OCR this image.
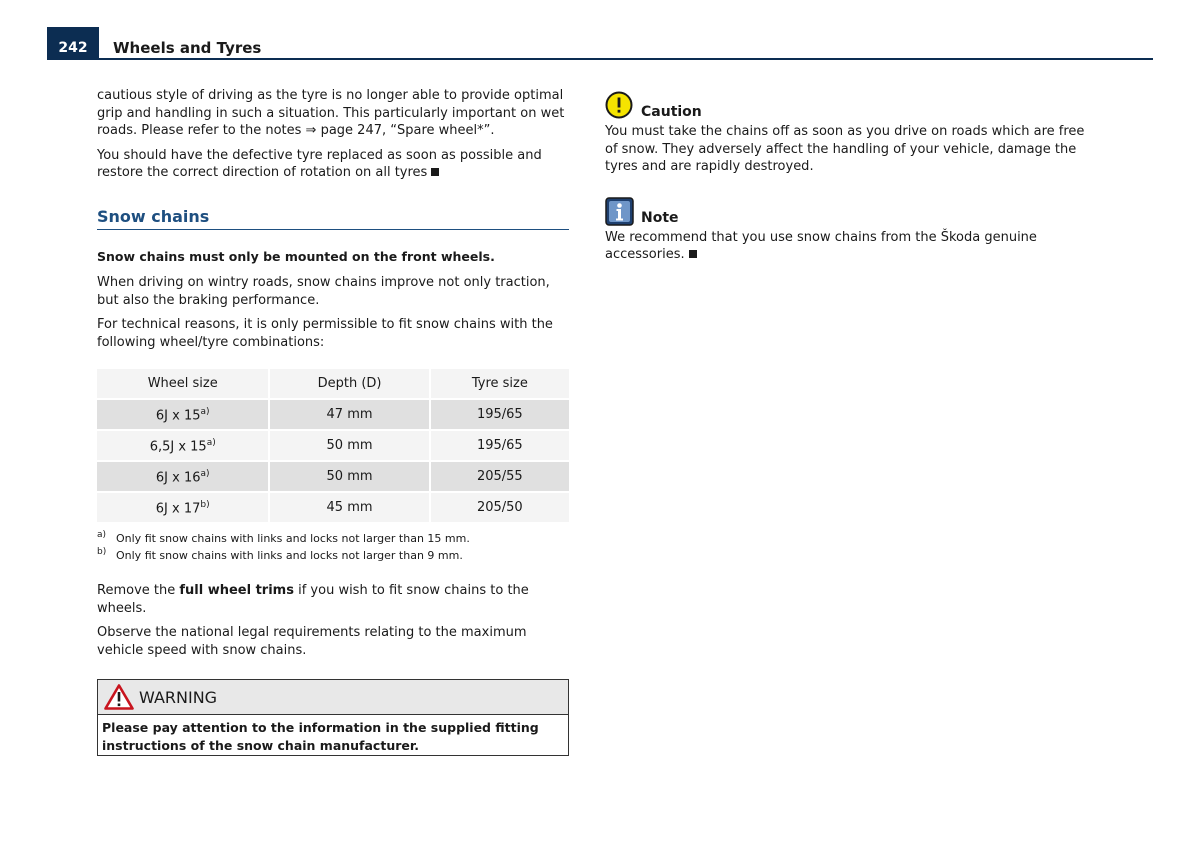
242	Wheels and Tyres

cautious style of driving as the tyre is no longer able to provide optimal grip and handling in such a situation. This particularly important on wet roads. Please refer to the notes ⇒ page 247, “Spare wheel*”.

You should have the defective tyre replaced as soon as possible and restore the correct direction of rotation on all tyres

Snow chains

Snow chains must only be mounted on the front wheels.

When driving on wintry roads, snow chains improve not only traction, but also the braking performance.

For technical reasons, it is only permissible to fit snow chains with the following wheel/tyre combinations:

Wheel size	Depth (D)	Tyre size
6J x 15$^{a)}$	47 mm	195/65
6,5J x 15$^{a)}$	50 mm	195/65
6J x 16$^{a)}$	50 mm	205/55
6J x 17$^{b)}$	45 mm	205/50
a) Only fit snow chains with links and locks not larger than 15 mm.
b) Only fit snow chains with links and locks not larger than 9 mm.

Remove the full wheel trims if you wish to fit snow chains to the wheels.

Observe the national legal requirements relating to the maximum vehicle speed with snow chains.

WARNING
Please pay attention to the information in the supplied fitting instructions of the snow chain manufacturer.
Caution
You must take the chains off as soon as you drive on roads which are free of snow. They adversely affect the handling of your vehicle, damage the tyres and are rapidly destroyed.
Note
We recommend that you use snow chains from the Škoda genuine accessories.
